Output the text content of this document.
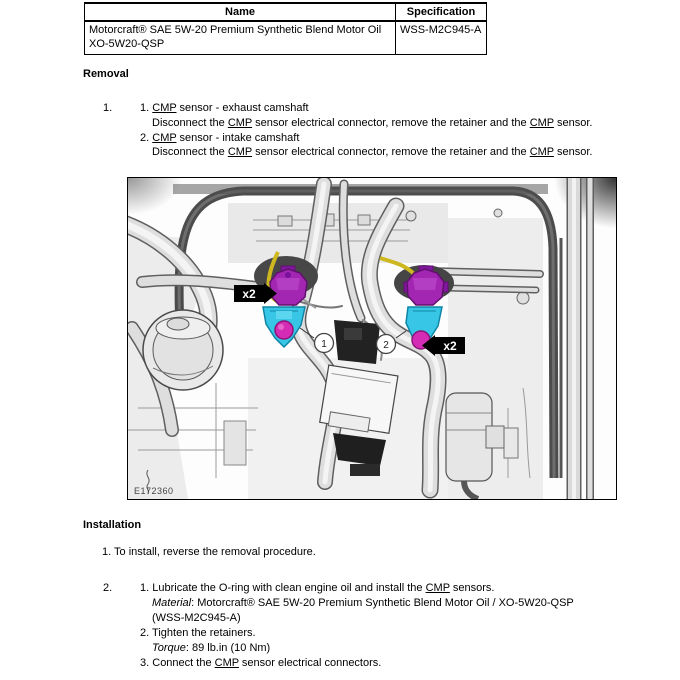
Name	Specification
Motorcraft® SAE 5W-20 Premium Synthetic Blend Motor Oil XO-5W20-QSP	WSS-M2C945-A
Removal
1.	1. CMP sensor - exhaust camshaft
Disconnect the CMP sensor electrical connector, remove the retainer and the CMP sensor.
2. CMP sensor - intake camshaft
Disconnect the CMP sensor electrical connector, remove the retainer and the CMP sensor.
1	2
x2
x2
E172360
Installation
1. To install, reverse the removal procedure.
2.	1. Lubricate the O-ring with clean engine oil and install the CMP sensors.
Material: Motorcraft® SAE 5W-20 Premium Synthetic Blend Motor Oil / XO-5W20-QSP (WSS-M2C945-A)
2. Tighten the retainers.
Torque: 89 lb.in (10 Nm)
3. Connect the CMP sensor electrical connectors.
